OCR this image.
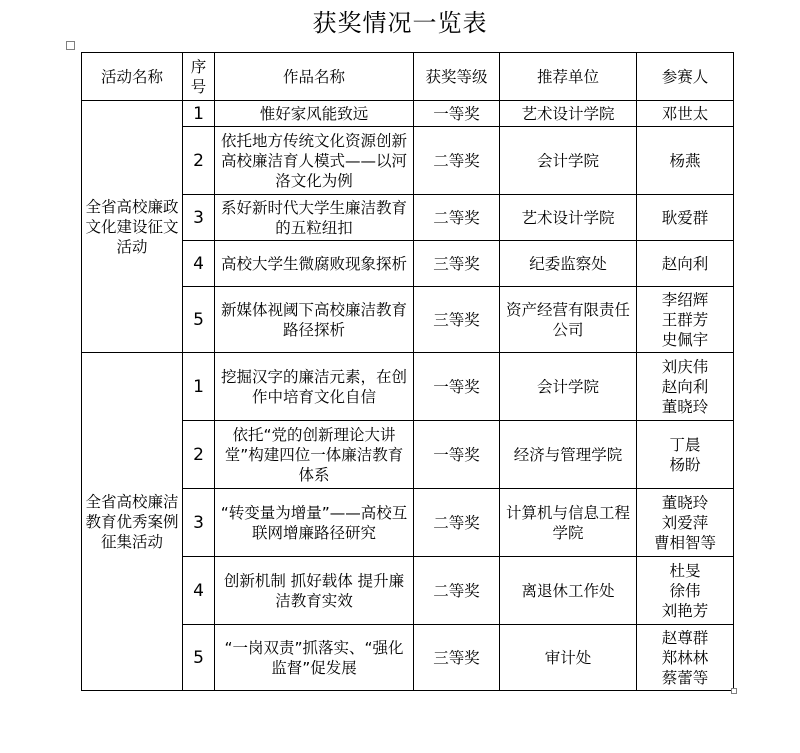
获奖情况一览表
活动名称	序号	作品名称	获奖等级	推荐单位	参赛人
全省高校廉政文化建设征文活动	1	惟好家风能致远	一等奖	艺术设计学院	邓世太
	2	依托地方传统文化资源创新高校廉洁育人模式——以河洛文化为例	二等奖	会计学院	杨燕
	3	系好新时代大学生廉洁教育的五粒纽扣	二等奖	艺术设计学院	耿爱群
	4	高校大学生微腐败现象探析	三等奖	纪委监察处	赵向利
	5	新媒体视阈下高校廉洁教育路径探析	三等奖	资产经营有限责任公司	李绍辉
王群芳
史佩宇
全省高校廉洁教育优秀案例征集活动	1	挖掘汉字的廉洁元素，在创作中培育文化自信	一等奖	会计学院	刘庆伟
赵向利
董晓玲
	2	依托“党的创新理论大讲堂”构建四位一体廉洁教育体系	一等奖	经济与管理学院	丁晨
杨盼
	3	“转变量为增量”——高校互联网增廉路径研究	二等奖	计算机与信息工程学院	董晓玲
刘爱萍
曹相智等
	4	创新机制 抓好载体 提升廉洁教育实效	二等奖	离退休工作处	杜旻
徐伟
刘艳芳
	5	“一岗双责”抓落实、“强化监督”促发展	三等奖	审计处	赵尊群
郑林林
蔡蕾等
